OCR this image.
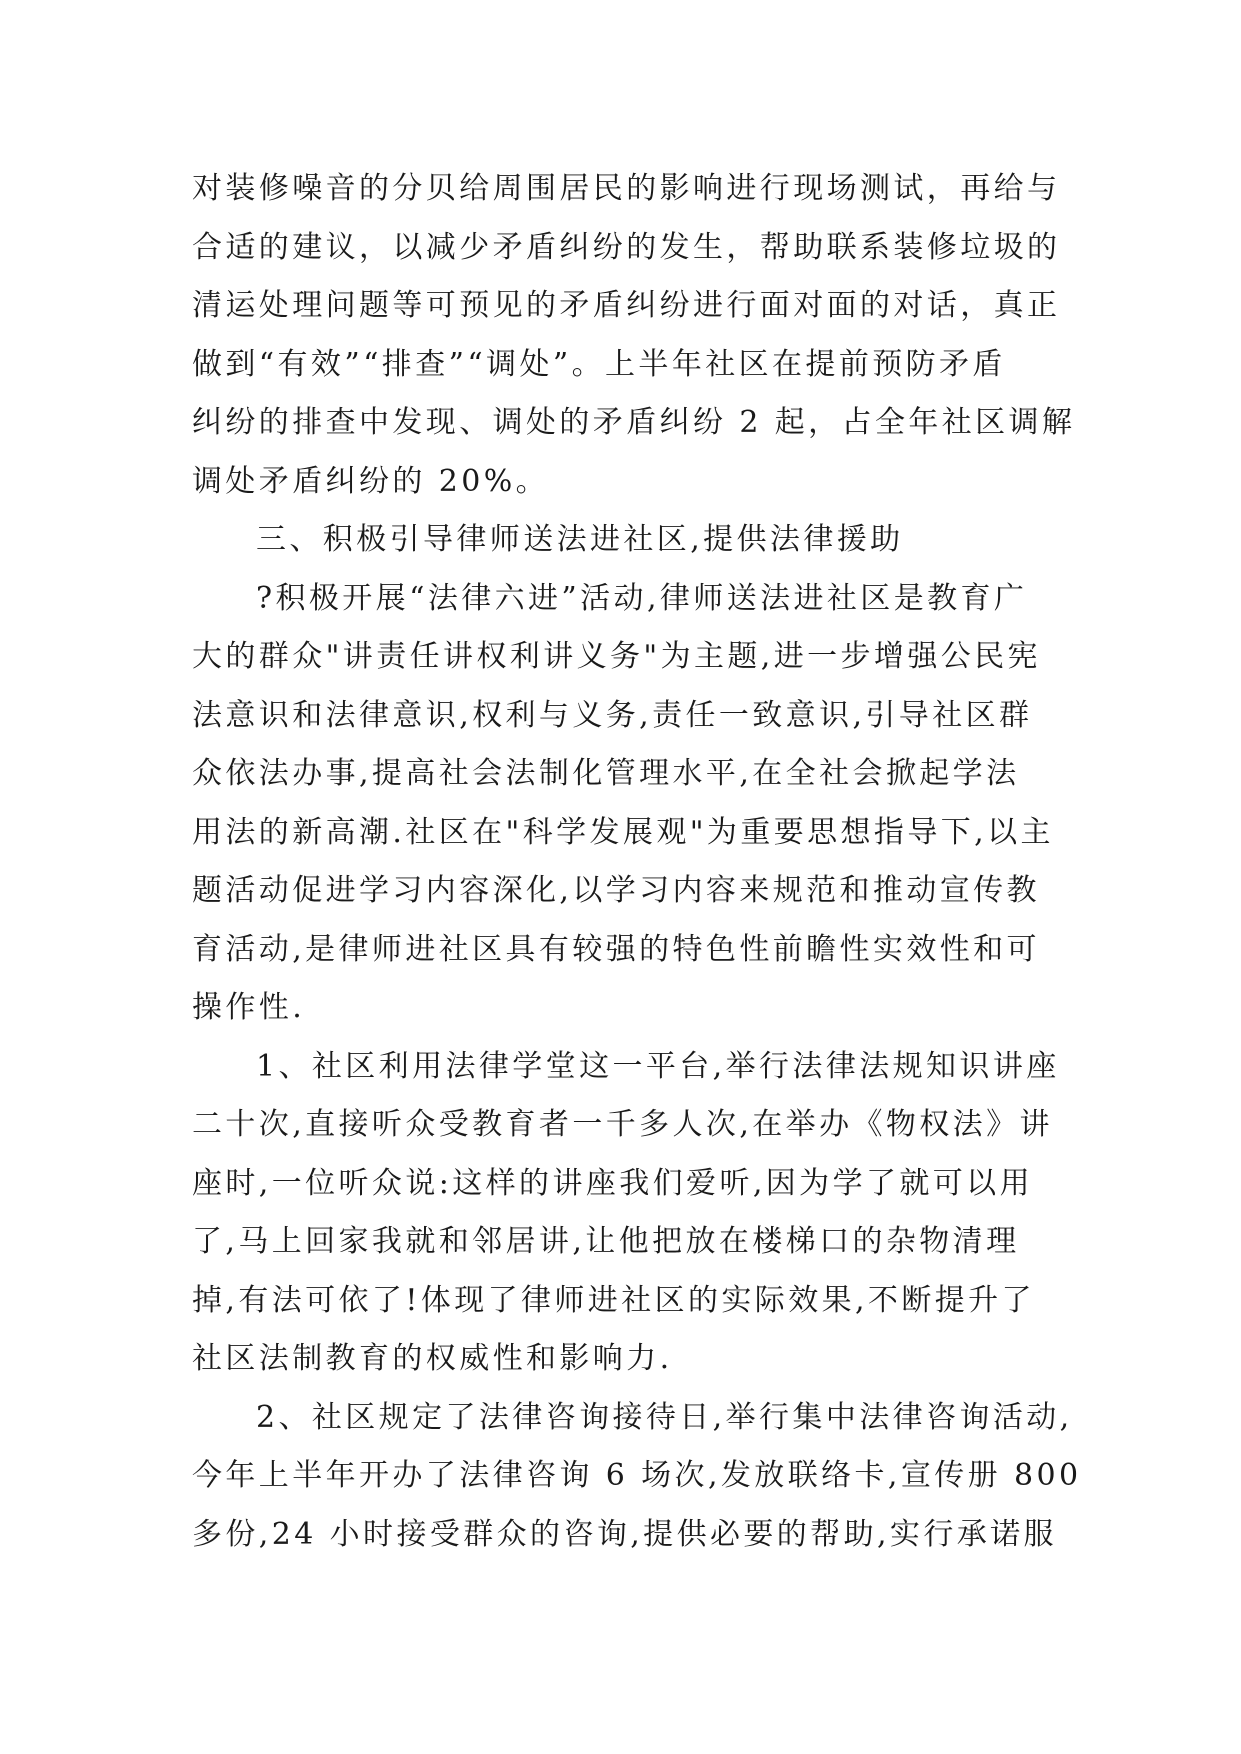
对装修噪音的分贝给周围居民的影响进行现场测试，再给与
合适的建议，以减少矛盾纠纷的发生，帮助联系装修垃圾的
清运处理问题等可预见的矛盾纠纷进行面对面的对话，真正
做到“有效”“排查”“调处”。上半年社区在提前预防矛盾
纠纷的排查中发现、调处的矛盾纠纷 2 起，占全年社区调解
调处矛盾纠纷的 20%。
三、积极引导律师送法进社区,提供法律援助
?积极开展“法律六进”活动,律师送法进社区是教育广
大的群众"讲责任讲权利讲义务"为主题,进一步增强公民宪
法意识和法律意识,权利与义务,责任一致意识,引导社区群
众依法办事,提高社会法制化管理水平,在全社会掀起学法
用法的新高潮.社区在"科学发展观"为重要思想指导下,以主
题活动促进学习内容深化,以学习内容来规范和推动宣传教
育活动,是律师进社区具有较强的特色性前瞻性实效性和可
操作性.
1、社区利用法律学堂这一平台,举行法律法规知识讲座
二十次,直接听众受教育者一千多人次,在举办《物权法》讲
座时,一位听众说:这样的讲座我们爱听,因为学了就可以用
了,马上回家我就和邻居讲,让他把放在楼梯口的杂物清理
掉,有法可依了!体现了律师进社区的实际效果,不断提升了
社区法制教育的权威性和影响力.
2、社区规定了法律咨询接待日,举行集中法律咨询活动,
今年上半年开办了法律咨询 6 场次,发放联络卡,宣传册 800
多份,24 小时接受群众的咨询,提供必要的帮助,实行承诺服
